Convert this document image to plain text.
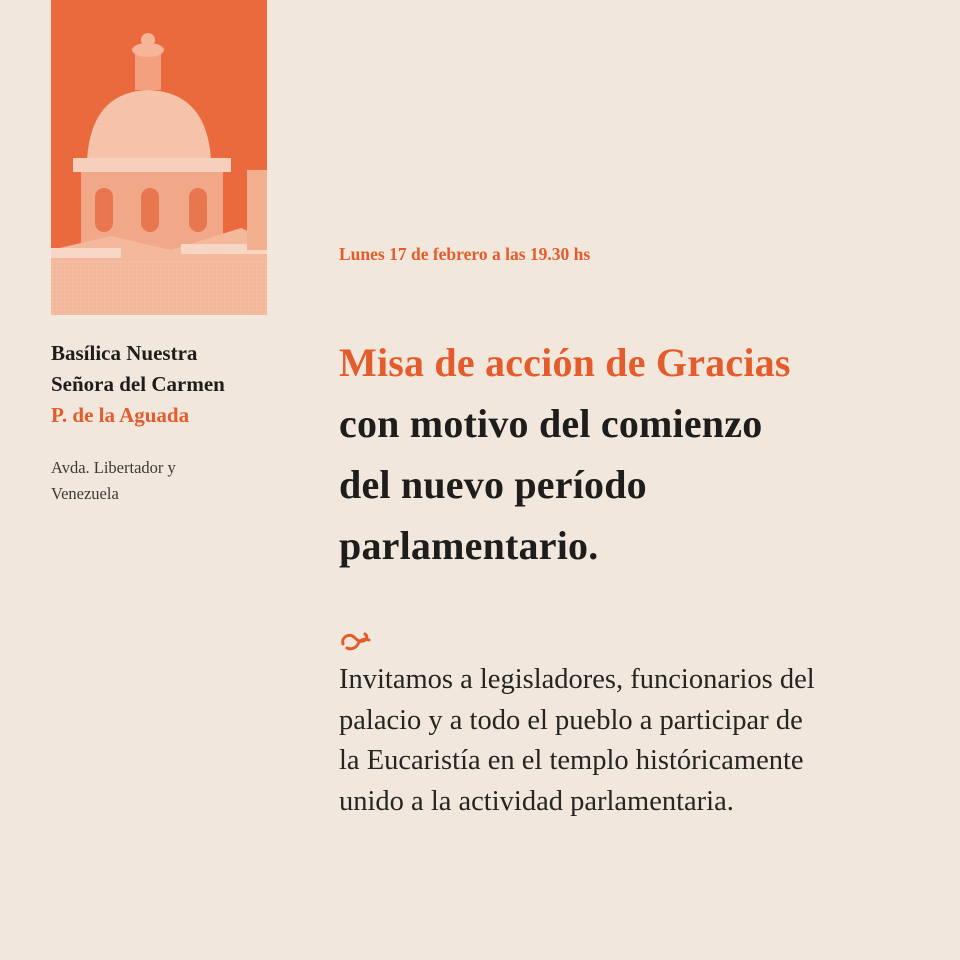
Basílica Nuestra
Señora del Carmen
P. de la Aguada
Avda. Libertador y
Venezuela
Lunes 17 de febrero a las 19.30 hs
Misa de acción de Gracias
con motivo del comienzo
del nuevo período
parlamentario.
Invitamos a legisladores, funcionarios del
palacio y a todo el pueblo a participar de
la Eucaristía en el templo históricamente
unido a la actividad parlamentaria.
